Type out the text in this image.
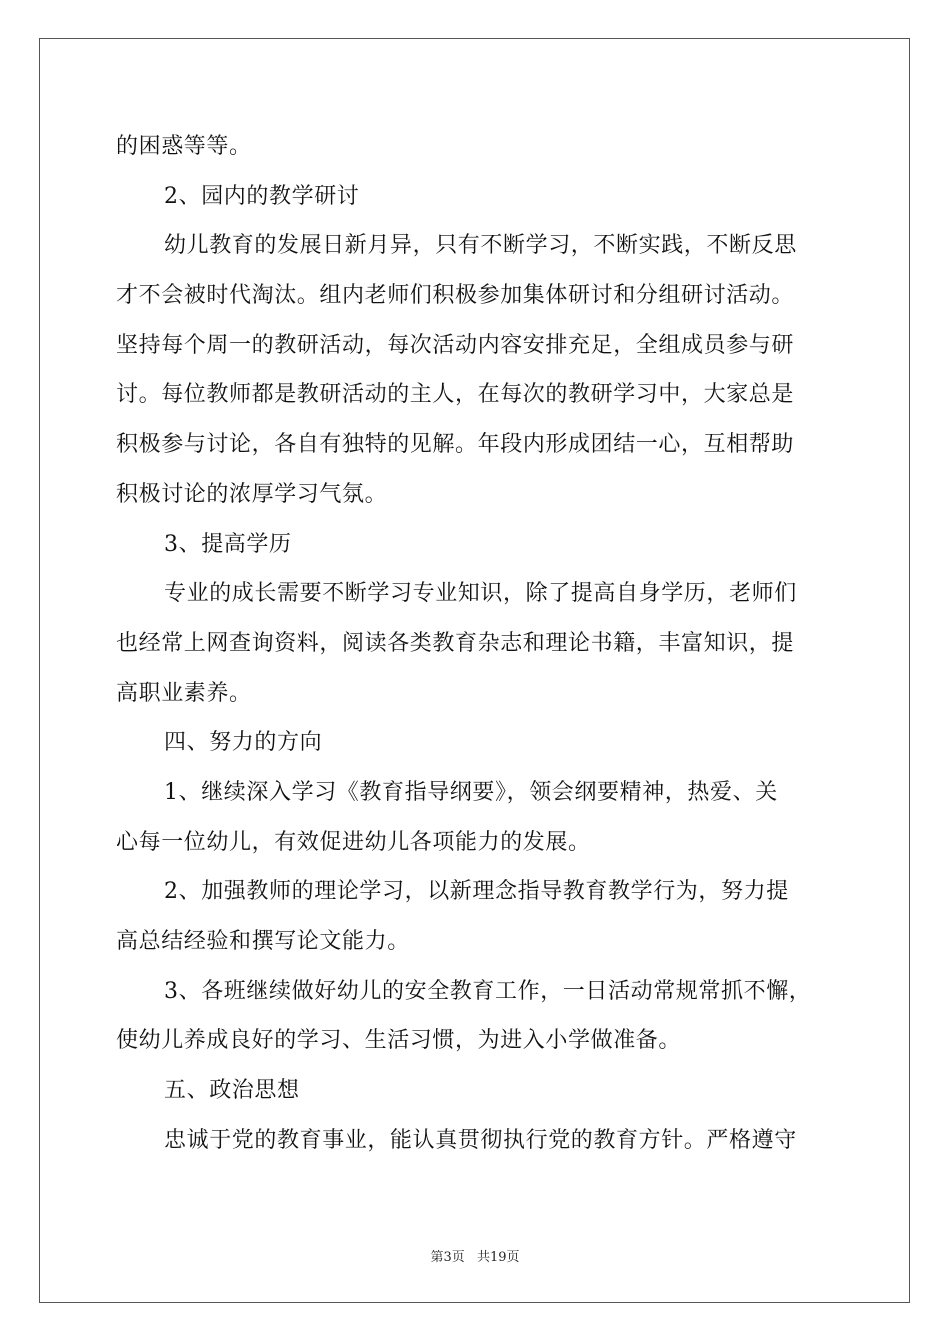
的困惑等等。
2、园内的教学研讨
幼儿教育的发展日新月异，只有不断学习，不断实践，不断反思
才不会被时代淘汰。组内老师们积极参加集体研讨和分组研讨活动。
坚持每个周一的教研活动，每次活动内容安排充足，全组成员参与研
讨。每位教师都是教研活动的主人，在每次的教研学习中，大家总是
积极参与讨论，各自有独特的见解。年段内形成团结一心，互相帮助
积极讨论的浓厚学习气氛。
3、提高学历
专业的成长需要不断学习专业知识，除了提高自身学历，老师们
也经常上网查询资料，阅读各类教育杂志和理论书籍，丰富知识，提
高职业素养。
四、努力的方向
1、继续深入学习《教育指导纲要》，领会纲要精神，热爱、关
心每一位幼儿，有效促进幼儿各项能力的发展。
2、加强教师的理论学习，以新理念指导教育教学行为，努力提
高总结经验和撰写论文能力。
3、各班继续做好幼儿的安全教育工作，一日活动常规常抓不懈，
使幼儿养成良好的学习、生活习惯，为进入小学做准备。
五、政治思想
忠诚于党的教育事业，能认真贯彻执行党的教育方针。严格遵守
第3页 共19页
